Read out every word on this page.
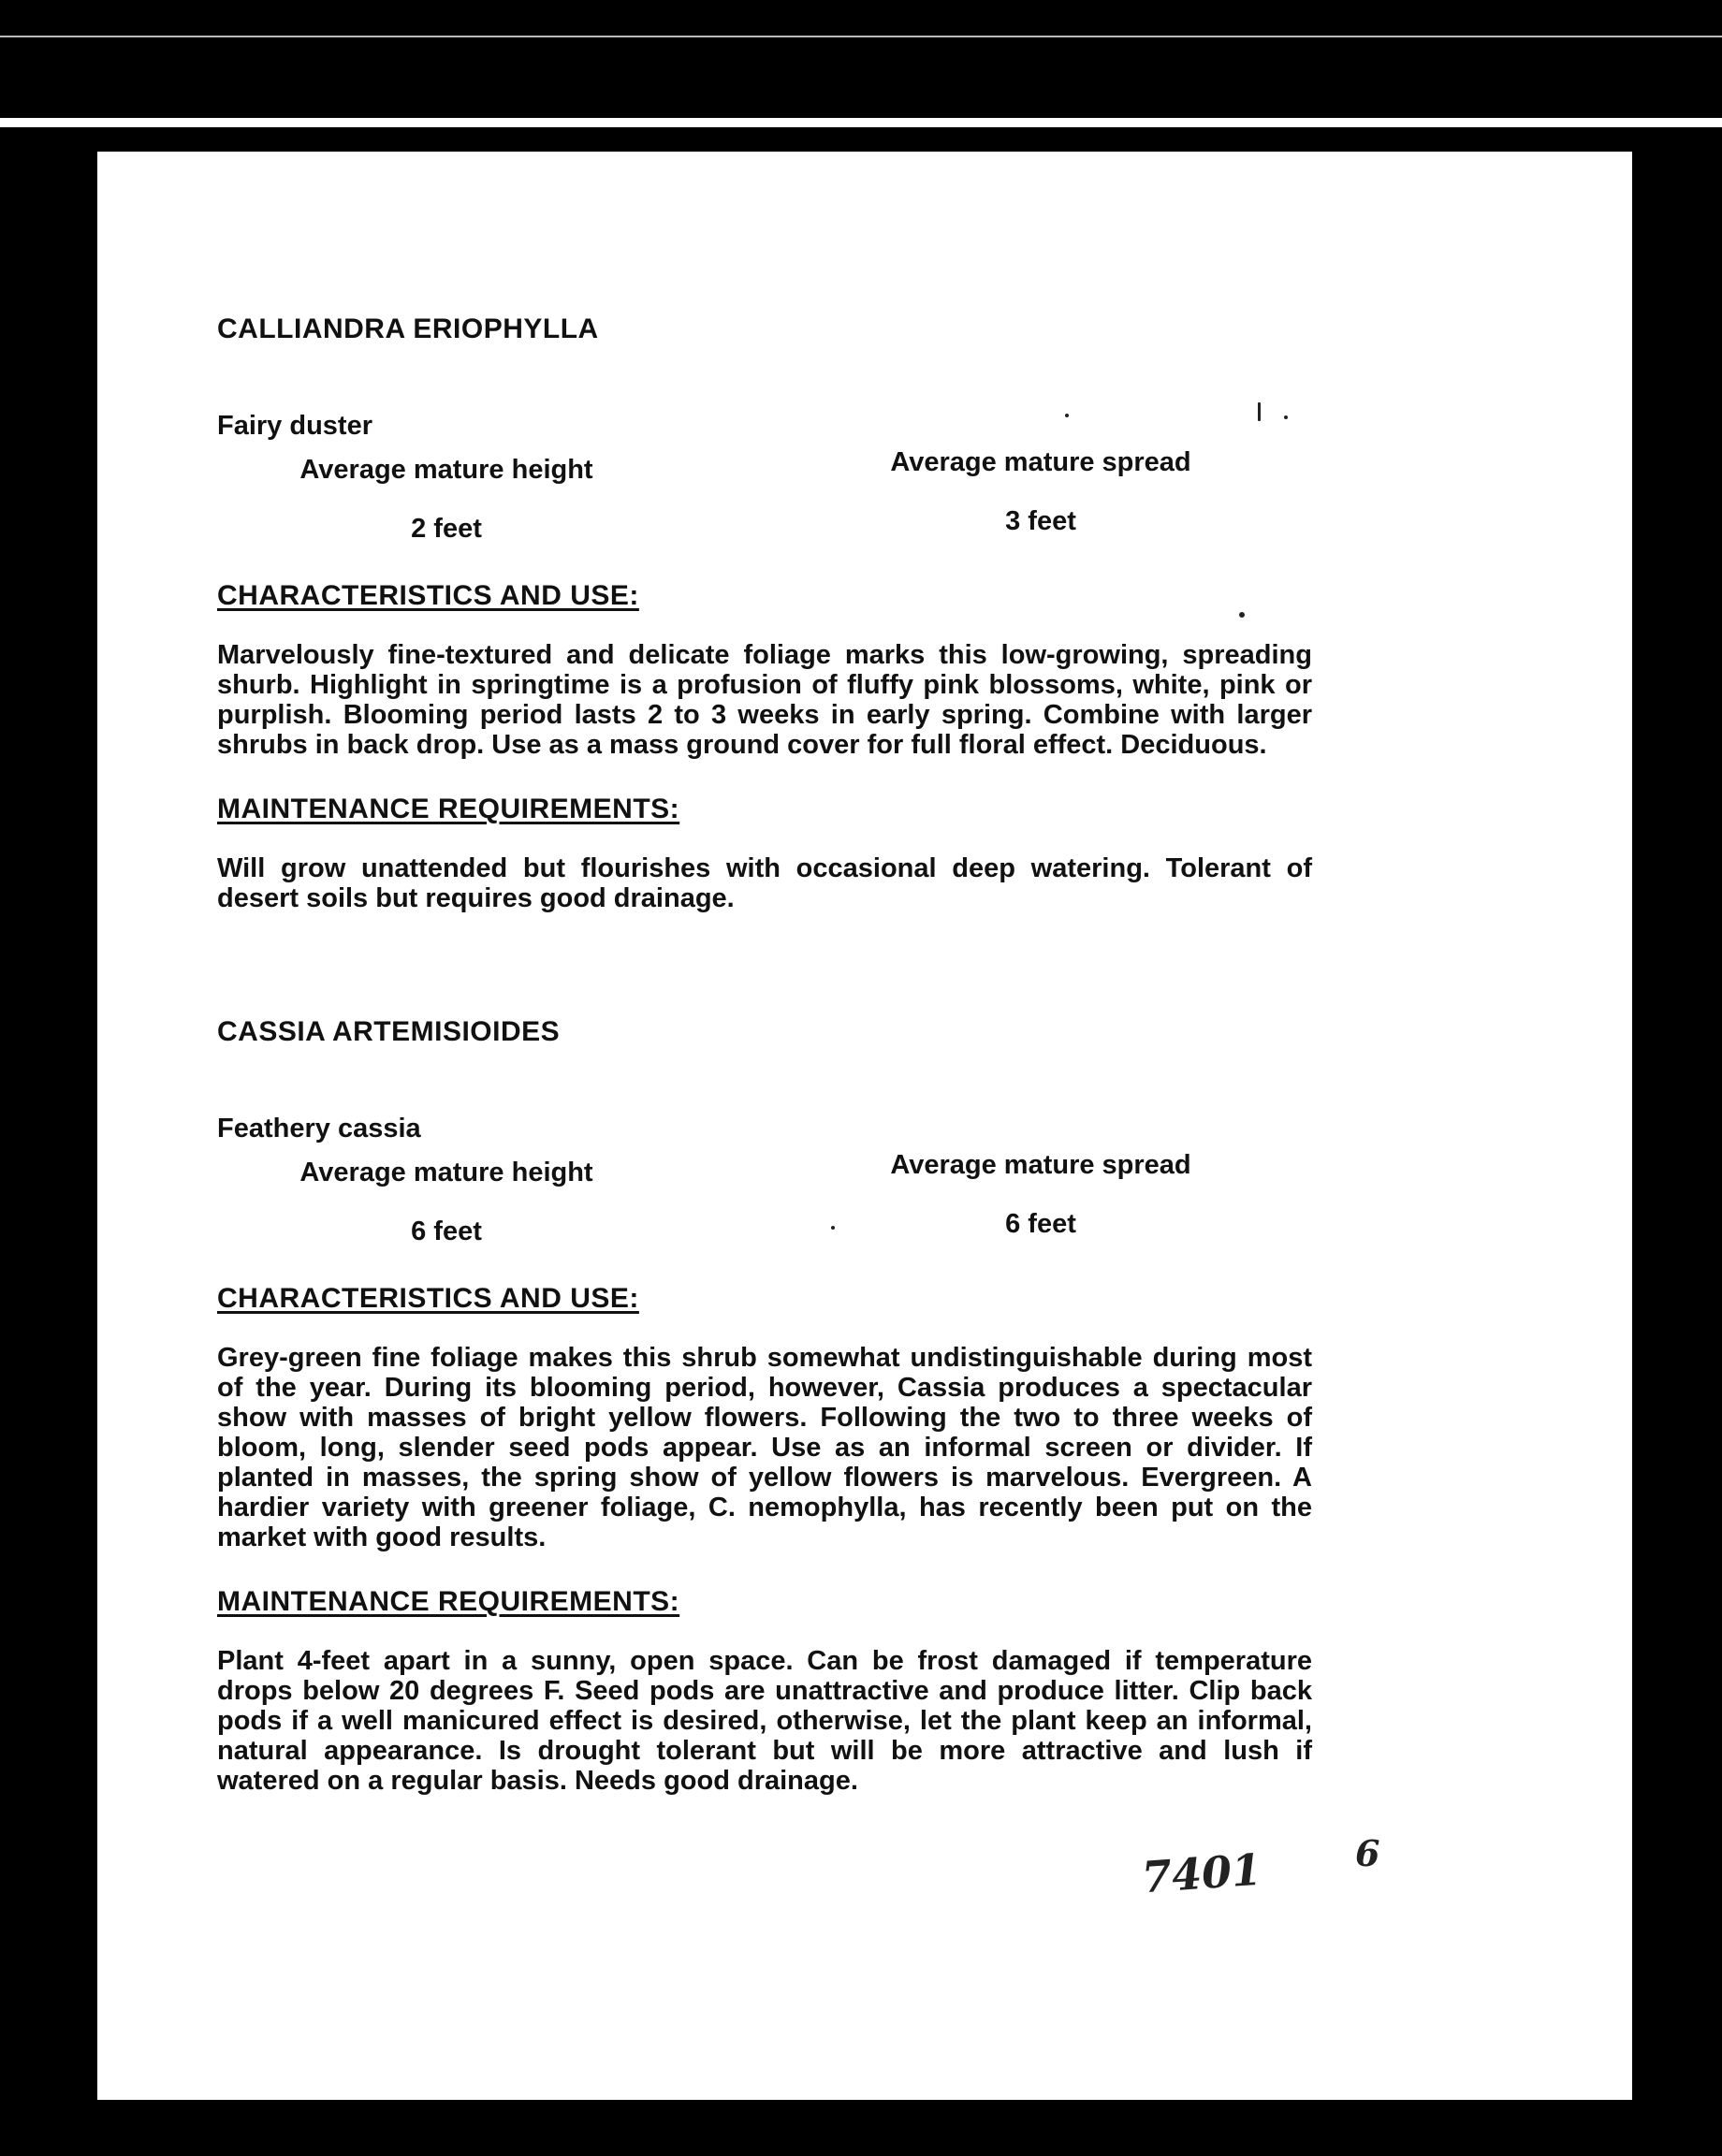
CALLIANDRA ERIOPHYLLA
Fairy duster
Average mature height
2 feet
Average mature spread
3 feet
CHARACTERISTICS AND USE:
Marvelously fine-textured and delicate foliage marks this low-growing, spreading shurb. Highlight in springtime is a profusion of fluffy pink blossoms, white, pink or purplish. Blooming period lasts 2 to 3 weeks in early spring. Combine with larger shrubs in back drop. Use as a mass ground cover for full floral effect. Deciduous.
MAINTENANCE REQUIREMENTS:
Will grow unattended but flourishes with occasional deep watering. Tolerant of desert soils but requires good drainage.
CASSIA ARTEMISIOIDES
Feathery cassia
Average mature height
6 feet
Average mature spread
6 feet
CHARACTERISTICS AND USE:
Grey-green fine foliage makes this shrub somewhat undistinguishable during most of the year. During its blooming period, however, Cassia produces a spectacular show with masses of bright yellow flowers. Following the two to three weeks of bloom, long, slender seed pods appear. Use as an informal screen or divider. If planted in masses, the spring show of yellow flowers is marvelous. Evergreen. A hardier variety with greener foliage, C. nemophylla, has recently been put on the market with good results.
MAINTENANCE REQUIREMENTS:
Plant 4-feet apart in a sunny, open space. Can be frost damaged if temperature drops below 20 degrees F. Seed pods are unattractive and produce litter. Clip back pods if a well manicured effect is desired, otherwise, let the plant keep an informal, natural appearance. Is drought tolerant but will be more attractive and lush if watered on a regular basis. Needs good drainage.
7401	6
